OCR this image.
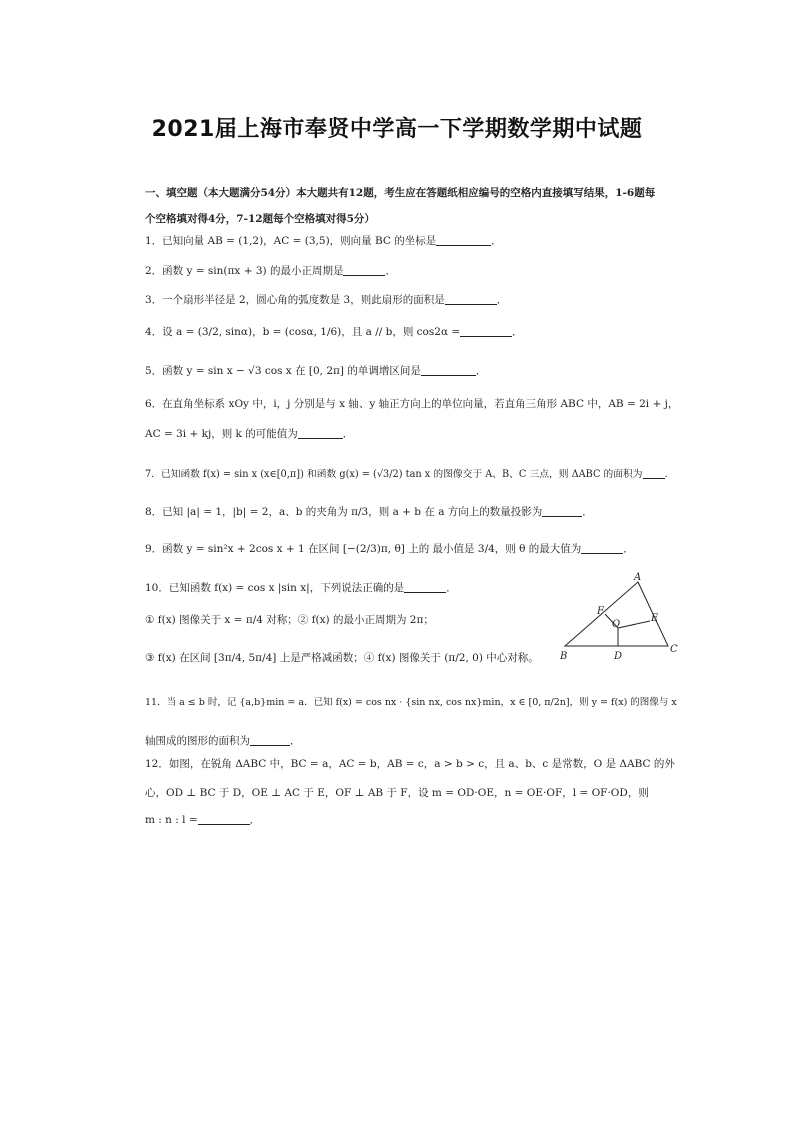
2021届上海市奉贤中学高一下学期数学期中试题
一、填空题（本大题满分54分）本大题共有12题，考生应在答题纸相应编号的空格内直接填写结果，1-6题每个空格填对得4分，7-12题每个空格填对得5分）
1．已知向量 AB = (1,2)，AC = (3,5)，则向量 BC 的坐标是	．
2．函数 y = sin(πx + 3) 的最小正周期是	．
3．一个扇形半径是 2，圆心角的弧度数是 3，则此扇形的面积是	．
4．设 a = (3/2, sinα)，b = (cosα, 1/6)，且 a // b，则 cos2α =	．
5．函数 y = sin x − √3 cos x 在 [0, 2π] 的单调增区间是	．
6．在直角坐标系 xOy 中，i，j 分别是与 x 轴、y 轴正方向上的单位向量，若直角三角形 ABC 中，AB = 2i + j，
AC = 3i + kj，则 k 的可能值为	．
7．已知函数 f(x) = sin x (x∈[0,π]) 和函数 g(x) = (√3/2) tan x 的图像交于 A、B、C 三点，则 ΔABC 的面积为 ．
8．已知 |a| = 1，|b| = 2，a、b 的夹角为 π/3，则 a + b 在 a 方向上的数量投影为	．
9．函数 y = sin²x + 2cos x + 1 在区间 [−(2/3)π, θ] 上的 最小值是 3/4，则 θ 的最大值为	．
10．已知函数 f(x) = cos x |sin x|，下列说法正确的是	．
① f(x) 图像关于 x = π/4 对称；② f(x) 的最小正周期为 2π；
③ f(x) 在区间 [3π/4, 5π/4] 上是严格减函数；④ f(x) 图像关于 (π/2, 0) 中心对称。
A
F
O
E
B	D
C
11．当 a ≤ b 时，记 {a,b}min = a．已知 f(x) = cos nx · {sin nx, cos nx}min，x ∈ [0, π/2n]，则 y = f(x) 的图像与 x
轴围成的图形的面积为	．
12．如图，在锐角 ΔABC 中，BC = a，AC = b，AB = c，a > b > c，且 a、b、c 是常数，O 是 ΔABC 的外
心，OD ⊥ BC 于 D，OE ⊥ AC 于 E，OF ⊥ AB 于 F，设 m = OD·OE，n = OE·OF，l = OF·OD，则
m : n : l =	．
